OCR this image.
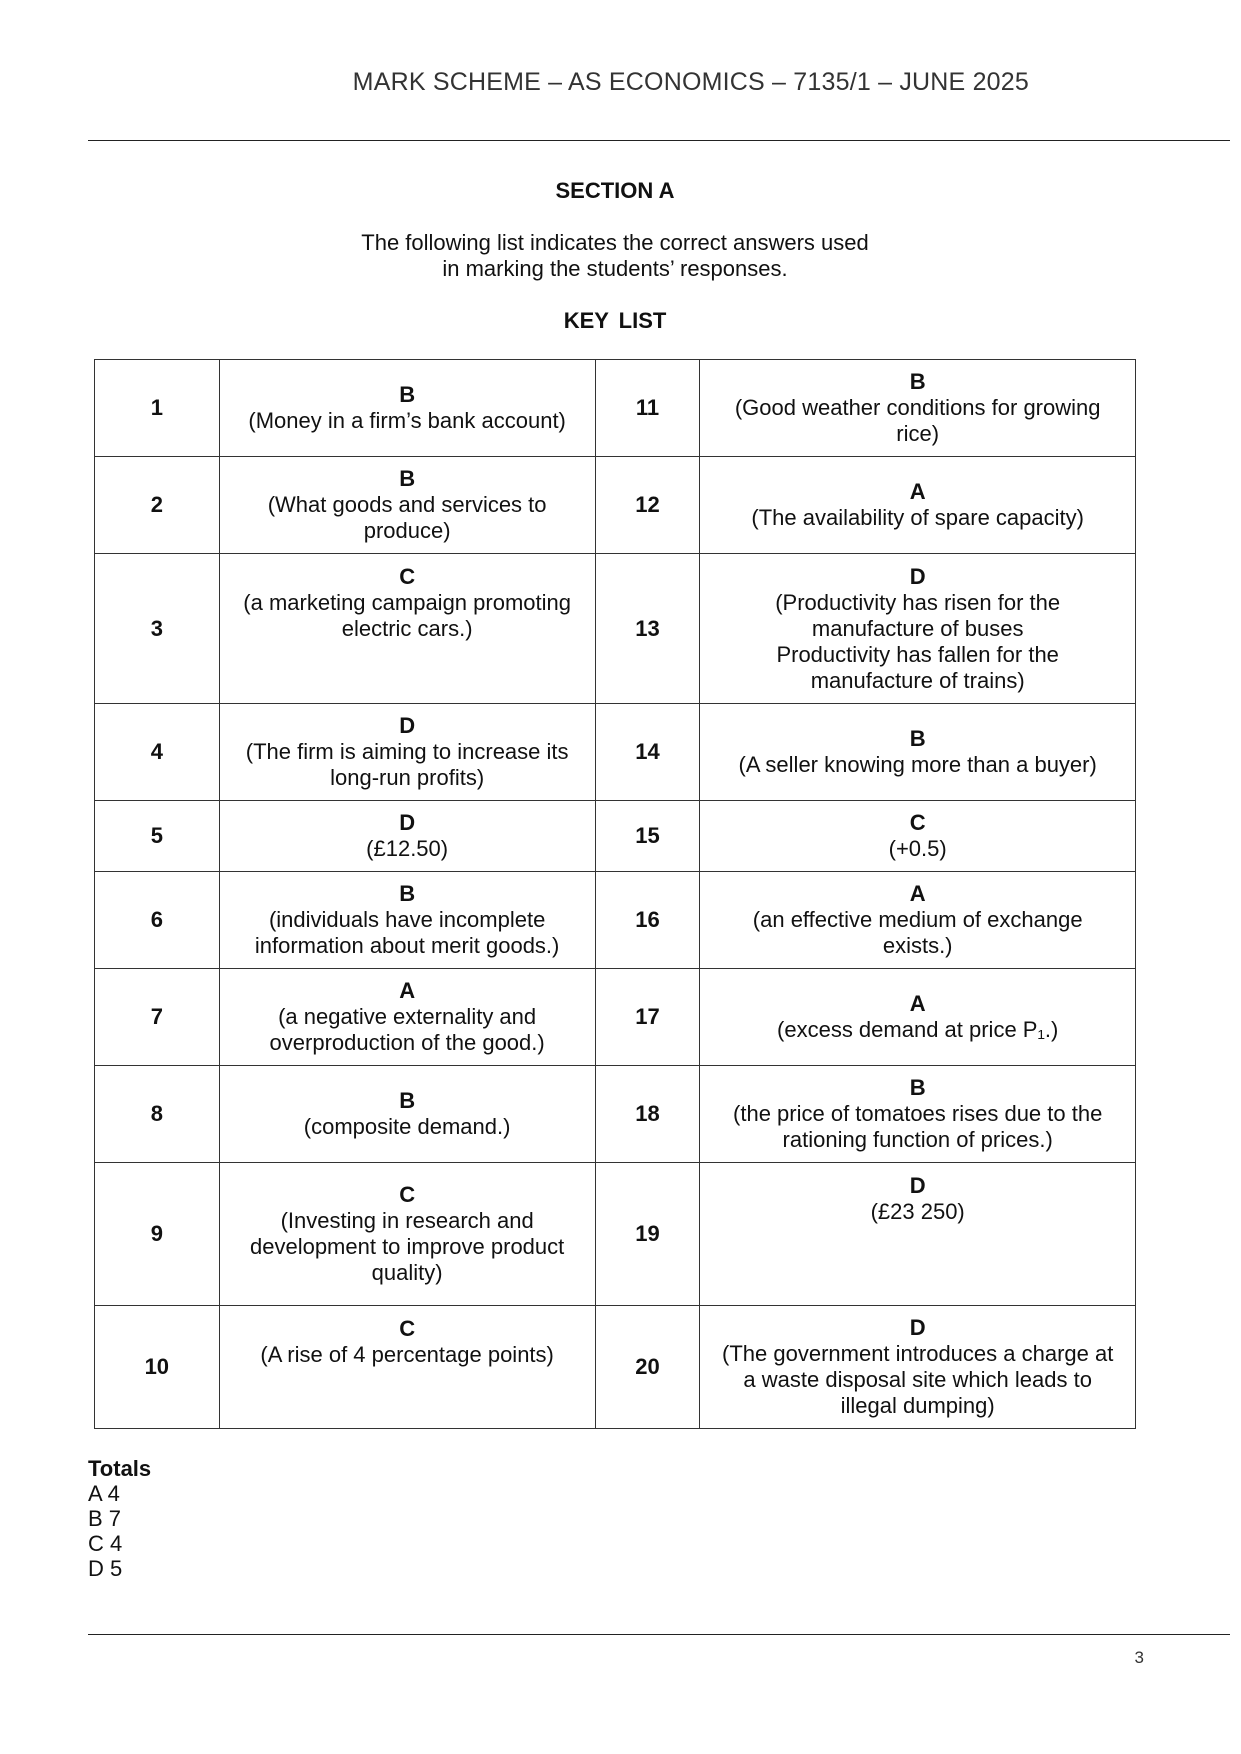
MARK SCHEME – AS ECONOMICS – 7135/1 – JUNE 2025
SECTION A
The following list indicates the correct answers used
in marking the students’ responses.
KEY LIST
1	B
(Money in a firm’s bank account)	11	B
(Good weather conditions for growing
rice)

2	B
(What goods and services to
produce)	12	A
(The availability of spare capacity)

3	C
(a marketing campaign promoting
electric cars.)	13	D
(Productivity has risen for the
manufacture of buses
Productivity has fallen for the
manufacture of trains)

4	D
(The firm is aiming to increase its
long-run profits)	14	B
(A seller knowing more than a buyer)

5	D
(£12.50)	15	C
(+0.5)

6	B
(individuals have incomplete
information about merit goods.)	16	A
(an effective medium of exchange
exists.)

7	A
(a negative externality and
overproduction of the good.)	17	A
(excess demand at price P₁.)

8	B
(composite demand.)	18	B
(the price of tomatoes rises due to the
rationing function of prices.)

9	C
(Investing in research and
development to improve product
quality)	19	D
(£23 250)

10	C
(A rise of 4 percentage points)	20	D
(The government introduces a charge at
a waste disposal site which leads to
illegal dumping)
Totals
A 4
B 7
C 4
D 5
3
